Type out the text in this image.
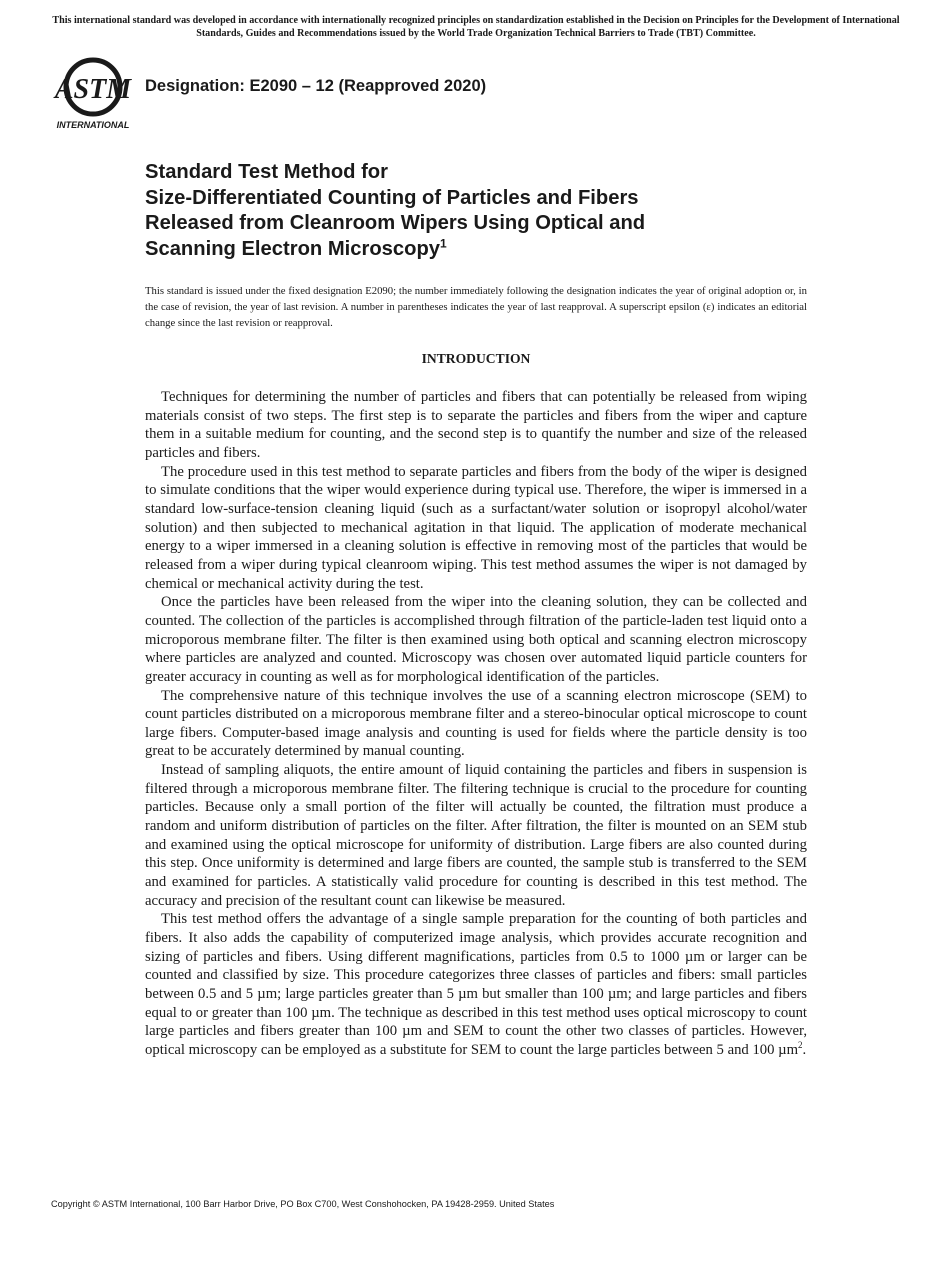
This international standard was developed in accordance with internationally recognized principles on standardization established in the Decision on Principles for the Development of International Standards, Guides and Recommendations issued by the World Trade Organization Technical Barriers to Trade (TBT) Committee.
ASTM
INTERNATIONAL
Designation: E2090 – 12 (Reapproved 2020)
Standard Test Method for
Size-Differentiated Counting of Particles and Fibers
Released from Cleanroom Wipers Using Optical and
Scanning Electron Microscopy$^1$

This standard is issued under the fixed designation E2090; the number immediately following the designation indicates the year of original adoption or, in the case of revision, the year of last revision. A number in parentheses indicates the year of last reapproval. A superscript epsilon (ε) indicates an editorial change since the last revision or reapproval.

INTRODUCTION

Techniques for determining the number of particles and fibers that can potentially be released from wiping materials consist of two steps. The first step is to separate the particles and fibers from the wiper and capture them in a suitable medium for counting, and the second step is to quantify the number and size of the released particles and fibers.

The procedure used in this test method to separate particles and fibers from the body of the wiper is designed to simulate conditions that the wiper would experience during typical use. Therefore, the wiper is immersed in a standard low-surface-tension cleaning liquid (such as a surfactant/water solution or isopropyl alcohol/water solution) and then subjected to mechanical agitation in that liquid. The application of moderate mechanical energy to a wiper immersed in a cleaning solution is effective in removing most of the particles that would be released from a wiper during typical cleanroom wiping. This test method assumes the wiper is not damaged by chemical or mechanical activity during the test.

Once the particles have been released from the wiper into the cleaning solution, they can be collected and counted. The collection of the particles is accomplished through filtration of the particle-laden test liquid onto a microporous membrane filter. The filter is then examined using both optical and scanning electron microscopy where particles are analyzed and counted. Microscopy was chosen over automated liquid particle counters for greater accuracy in counting as well as for morphological identification of the particles.

The comprehensive nature of this technique involves the use of a scanning electron microscope (SEM) to count particles distributed on a microporous membrane filter and a stereo-binocular optical microscope to count large fibers. Computer-based image analysis and counting is used for fields where the particle density is too great to be accurately determined by manual counting.

Instead of sampling aliquots, the entire amount of liquid containing the particles and fibers in suspension is filtered through a microporous membrane filter. The filtering technique is crucial to the procedure for counting particles. Because only a small portion of the filter will actually be counted, the filtration must produce a random and uniform distribution of particles on the filter. After filtration, the filter is mounted on an SEM stub and examined using the optical microscope for uniformity of distribution. Large fibers are also counted during this step. Once uniformity is determined and large fibers are counted, the sample stub is transferred to the SEM and examined for particles. A statistically valid procedure for counting is described in this test method. The accuracy and precision of the resultant count can likewise be measured.

This test method offers the advantage of a single sample preparation for the counting of both particles and fibers. It also adds the capability of computerized image analysis, which provides accurate recognition and sizing of particles and fibers. Using different magnifications, particles from 0.5 to 1000 µm or larger can be counted and classified by size. This procedure categorizes three classes of particles and fibers: small particles between 0.5 and 5 µm; large particles greater than 5 µm but smaller than 100 µm; and large particles and fibers equal to or greater than 100 µm. The technique as described in this test method uses optical microscopy to count large particles and fibers greater than 100 µm and SEM to count the other two classes of particles. However, optical microscopy can be employed as a substitute for SEM to count the large particles between 5 and 100 µm$^2$.

Copyright © ASTM International, 100 Barr Harbor Drive, PO Box C700, West Conshohocken, PA 19428-2959. United States
